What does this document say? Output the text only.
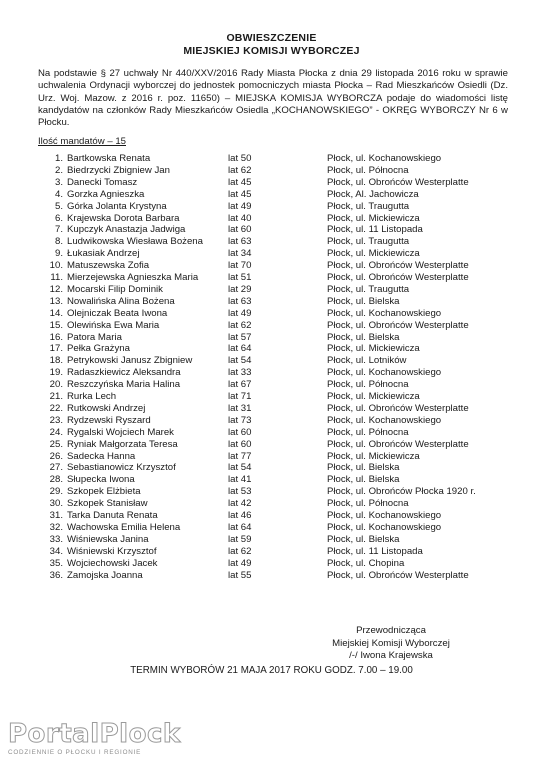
OBWIESZCZENIE
MIEJSKIEJ KOMISJI WYBORCZEJ
Na podstawie § 27 uchwały Nr 440/XXV/2016 Rady Miasta Płocka z dnia 29 listopada 2016 roku w sprawie uchwalenia Ordynacji wyborczej do jednostek pomocniczych miasta Płocka – Rad Mieszkańców Osiedli (Dz. Urz. Woj. Mazow. z 2016 r. poz. 11650) – MIEJSKA KOMISJA WYBORCZA podaje do wiadomości listę kandydatów na członków Rady Mieszkańców Osiedla „KOCHANOWSKIEGO” - OKRĘG WYBORCZY Nr 6 w Płocku.
Ilość mandatów – 15
1. Bartkowska Renata	lat 50	Płock, ul. Kochanowskiego
2. Biedrzycki Zbigniew Jan	lat 62	Płock, ul. Północna
3. Danecki Tomasz	lat 45	Płock, ul. Obrońców Westerplatte
4. Gorzka Agnieszka	lat 45	Płock, Al. Jachowicza
5. Górka Jolanta Krystyna	lat 49	Płock, ul. Traugutta
6. Krajewska Dorota Barbara	lat 40	Płock, ul. Mickiewicza
7. Kupczyk Anastazja Jadwiga	lat 60	Płock, ul. 11 Listopada
8. Ludwikowska Wiesława Bożena	lat 63	Płock, ul. Traugutta
9. Łukasiak Andrzej	lat 34	Płock, ul. Mickiewicza
10. Matuszewska Zofia	lat 70	Płock, ul. Obrońców Westerplatte
11. Mierzejewska Agnieszka Maria	lat 51	Płock, ul. Obrońców Westerplatte
12. Mocarski Filip Dominik	lat 29	Płock, ul. Traugutta
13. Nowalińska Alina Bożena	lat 63	Płock, ul. Bielska
14. Olejniczak Beata Iwona	lat 49	Płock, ul. Kochanowskiego
15. Olewińska Ewa Maria	lat 62	Płock, ul. Obrońców Westerplatte
16. Patora Maria	lat 57	Płock, ul. Bielska
17. Pełka Grażyna	lat 64	Płock, ul. Mickiewicza
18. Petrykowski Janusz Zbigniew	lat 54	Płock, ul. Lotników
19. Radaszkiewicz Aleksandra	lat 33	Płock, ul. Kochanowskiego
20. Reszczyńska Maria Halina	lat 67	Płock, ul. Północna
21. Rurka Lech	lat 71	Płock, ul. Mickiewicza
22. Rutkowski Andrzej	lat 31	Płock, ul. Obrońców Westerplatte
23. Rydzewski Ryszard	lat 73	Płock, ul. Kochanowskiego
24. Rygalski Wojciech Marek	lat 60	Płock, ul. Północna
25. Ryniak Małgorzata Teresa	lat 60	Płock, ul. Obrońców Westerplatte
26. Sadecka Hanna	lat 77	Płock, ul. Mickiewicza
27. Sebastianowicz Krzysztof	lat 54	Płock, ul. Bielska
28. Słupecka Iwona	lat 41	Płock, ul. Bielska
29. Szkopek Elżbieta	lat 53	Płock, ul. Obrońców Płocka 1920 r.
30. Szkopek Stanisław	lat 42	Płock, ul. Północna
31. Tarka Danuta Renata	lat 46	Płock, ul. Kochanowskiego
32. Wachowska Emilia Helena	lat 64	Płock, ul. Kochanowskiego
33. Wiśniewska Janina	lat 59	Płock, ul. Bielska
34. Wiśniewski Krzysztof	lat 62	Płock, ul. 11 Listopada
35. Wojciechowski Jacek	lat 49	Płock, ul. Chopina
36. Zamojska Joanna	lat 55	Płock, ul. Obrońców Westerplatte
Przewodnicząca
Miejskiej Komisji Wyborczej
/-/ Iwona Krajewska
TERMIN WYBORÓW 21 MAJA 2017 ROKU GODZ. 7.00 – 19.00
PortalPlock
CODZIENNIE O PŁOCKU I REGIONIE
